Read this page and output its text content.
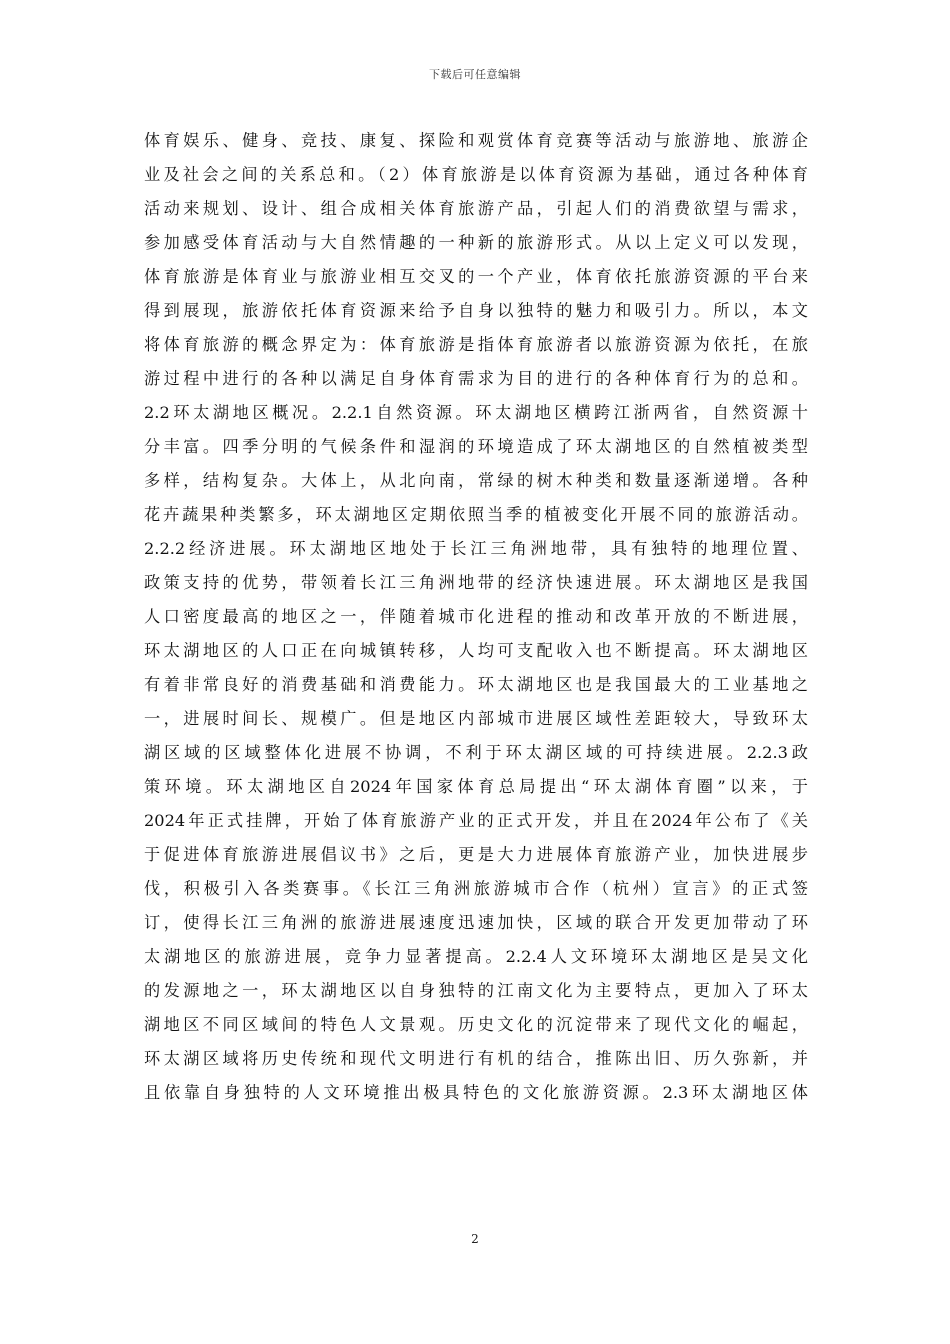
下载后可任意编辑
体育娱乐、健身、竞技、康复、探险和观赏体育竞赛等活动与旅游地、旅游企
业及社会之间的关系总和。（2）体育旅游是以体育资源为基础，通过各种体育
活动来规划、设计、组合成相关体育旅游产品，引起人们的消费欲望与需求，
参加感受体育活动与大自然情趣的一种新的旅游形式。从以上定义可以发现，
体育旅游是体育业与旅游业相互交叉的一个产业，体育依托旅游资源的平台来
得到展现，旅游依托体育资源来给予自身以独特的魅力和吸引力。所以，本文
将体育旅游的概念界定为：体育旅游是指体育旅游者以旅游资源为依托，在旅
游过程中进行的各种以满足自身体育需求为目的进行的各种体育行为的总和。
2.2环太湖地区概况。2.2.1自然资源。环太湖地区横跨江浙两省，自然资源十
分丰富。四季分明的气候条件和湿润的环境造成了环太湖地区的自然植被类型
多样，结构复杂。大体上，从北向南，常绿的树木种类和数量逐渐递增。各种
花卉蔬果种类繁多，环太湖地区定期依照当季的植被变化开展不同的旅游活动。
2.2.2经济进展。环太湖地区地处于长江三角洲地带，具有独特的地理位置、
政策支持的优势，带领着长江三角洲地带的经济快速进展。环太湖地区是我国
人口密度最高的地区之一，伴随着城市化进程的推动和改革开放的不断进展，
环太湖地区的人口正在向城镇转移，人均可支配收入也不断提高。环太湖地区
有着非常良好的消费基础和消费能力。环太湖地区也是我国最大的工业基地之
一，进展时间长、规模广。但是地区内部城市进展区域性差距较大，导致环太
湖区域的区域整体化进展不协调，不利于环太湖区域的可持续进展。2.2.3政
策环境。环太湖地区自2024年国家体育总局提出“环太湖体育圈”以来，于
2024年正式挂牌，开始了体育旅游产业的正式开发，并且在2024年公布了《关
于促进体育旅游进展倡议书》之后，更是大力进展体育旅游产业，加快进展步
伐，积极引入各类赛事。《长江三角洲旅游城市合作（杭州）宣言》的正式签
订，使得长江三角洲的旅游进展速度迅速加快，区域的联合开发更加带动了环
太湖地区的旅游进展，竞争力显著提高。2.2.4人文环境环太湖地区是吴文化
的发源地之一，环太湖地区以自身独特的江南文化为主要特点，更加入了环太
湖地区不同区域间的特色人文景观。历史文化的沉淀带来了现代文化的崛起，
环太湖区域将历史传统和现代文明进行有机的结合，推陈出旧、历久弥新，并
且依靠自身独特的人文环境推出极具特色的文化旅游资源。2.3环太湖地区体
2
